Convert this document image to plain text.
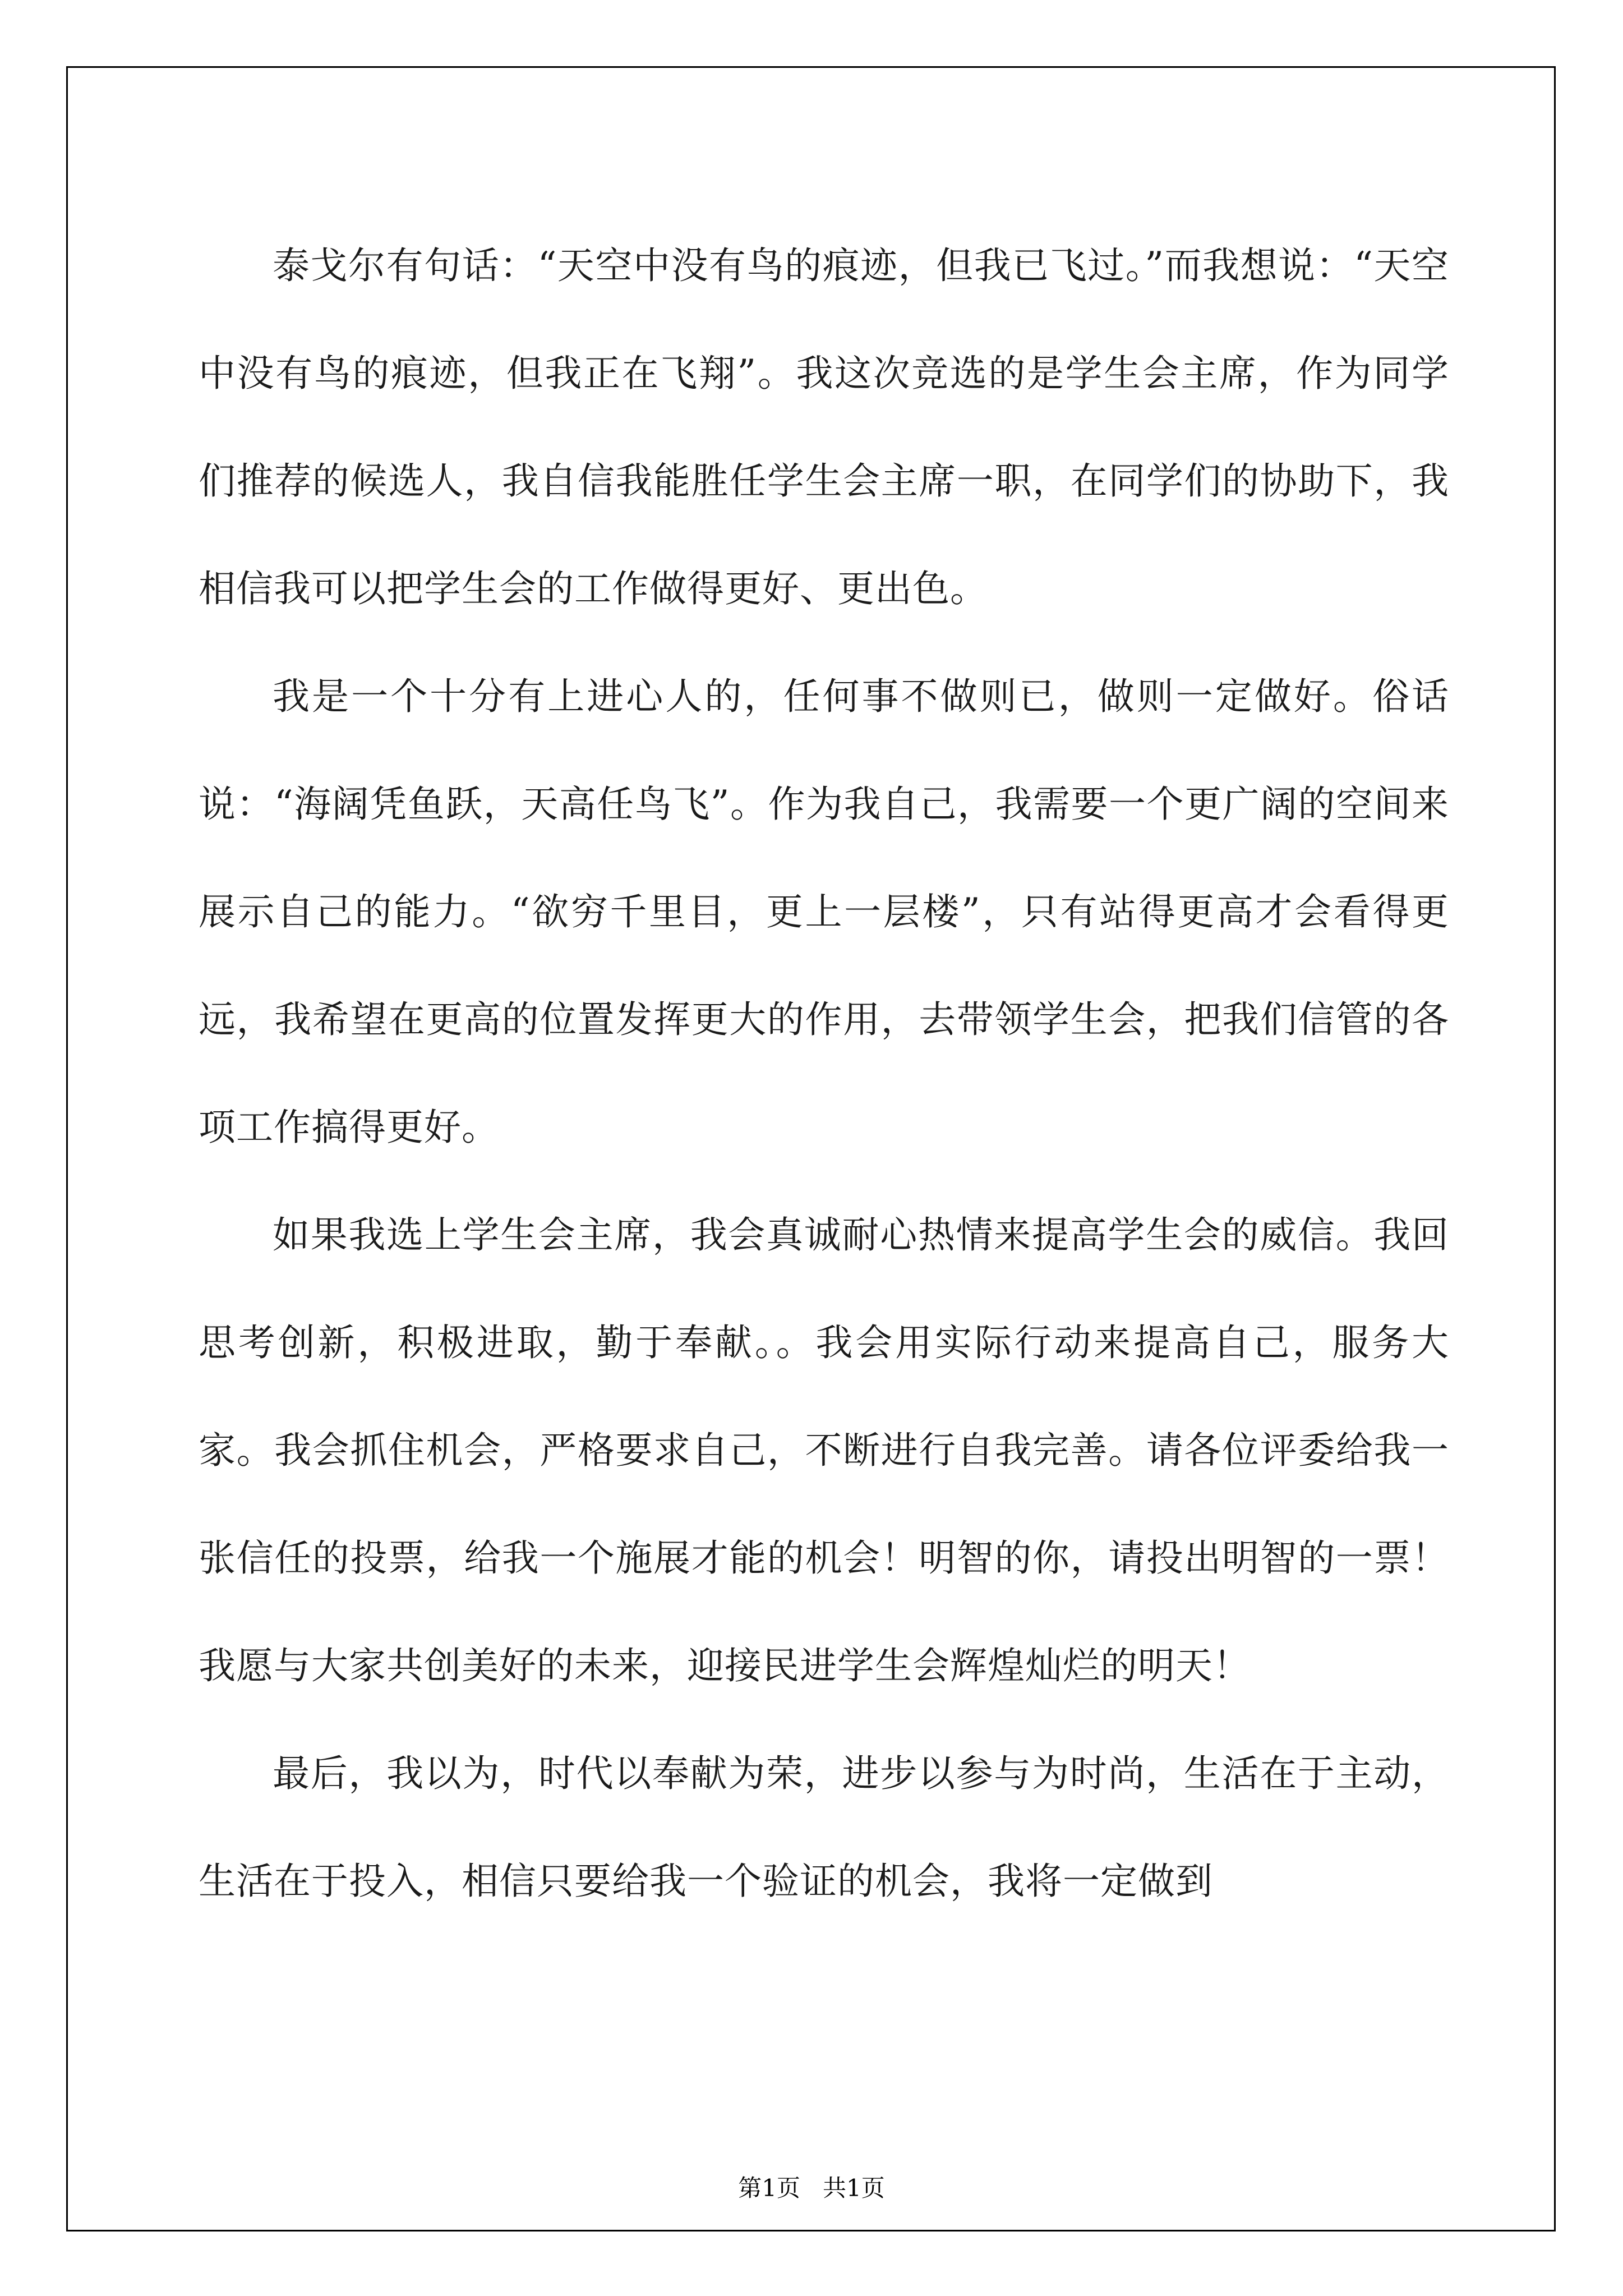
泰戈尔有句话：“天空中没有鸟的痕迹，但我已飞过。”而我想说：“天空中没有鸟的痕迹，但我正在飞翔”。我这次竞选的是学生会主席，作为同学们推荐的候选人，我自信我能胜任学生会主席一职，在同学们的协助下，我相信我可以把学生会的工作做得更好、更出色。

我是一个十分有上进心人的，任何事不做则已，做则一定做好。俗话说：“海阔凭鱼跃，天高任鸟飞”。作为我自己，我需要一个更广阔的空间来展示自己的能力。“欲穷千里目，更上一层楼”，只有站得更高才会看得更远，我希望在更高的位置发挥更大的作用，去带领学生会，把我们信管的各项工作搞得更好。

如果我选上学生会主席，我会真诚耐心热情来提高学生会的威信。我回思考创新，积极进取，勤于奉献。。我会用实际行动来提高自己，服务大家。我会抓住机会，严格要求自己，不断进行自我完善。请各位评委给我一张信任的投票，给我一个施展才能的机会！明智的你，请投出明智的一票！我愿与大家共创美好的未来，迎接民进学生会辉煌灿烂的明天！

最后，我以为，时代以奉献为荣，进步以参与为时尚，生活在于主动，生活在于投入，相信只要给我一个验证的机会，我将一定做到

第1页   共1页
